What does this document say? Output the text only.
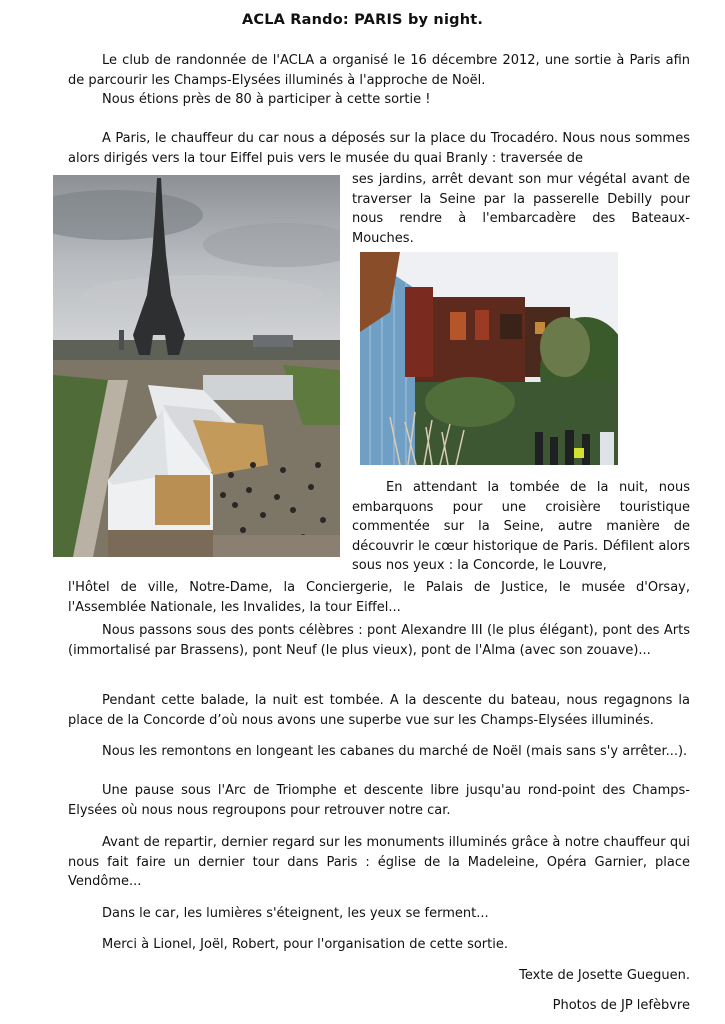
ACLA Rando: PARIS by night.

Le club de randonnée de l'ACLA a organisé le 16 décembre 2012, une sortie à Paris afin de parcourir les Champs-Elysées illuminés à l'approche de Noël.

Nous étions près de 80 à participer à cette sortie !

A Paris, le chauffeur du car nous a déposés sur la place du Trocadéro. Nous nous sommes alors dirigés vers la tour Eiffel puis vers le musée du quai Branly : traversée de

ses jardins, arrêt devant son mur végétal avant de traverser la Seine par la passerelle Debilly pour nous rendre à l'embarcadère des Bateaux-Mouches.

En attendant la tombée de la nuit, nous embarquons pour une croisière touristique commentée sur la Seine, autre manière de découvrir le cœur historique de Paris. Défilent alors sous nos yeux : la Concorde, le Louvre,

l'Hôtel de ville, Notre-Dame, la Conciergerie, le Palais de Justice, le musée d'Orsay, l'Assemblée Nationale, les Invalides, la tour Eiffel...

Nous passons sous des ponts célèbres : pont Alexandre III (le plus élégant), pont des Arts (immortalisé par Brassens), pont Neuf (le plus vieux), pont de l'Alma (avec son zouave)...

Pendant cette balade, la nuit est tombée. A la descente du bateau, nous regagnons la place de la Concorde d’où nous avons une superbe vue sur les Champs-Elysées illuminés.

Nous les remontons en longeant les cabanes du marché de Noël (mais sans s'y arrêter...).

Une pause sous l'Arc de Triomphe et descente libre jusqu'au rond-point des Champs-Elysées où nous nous regroupons pour retrouver notre car.

Avant de repartir, dernier regard sur les monuments illuminés grâce à notre chauffeur qui nous fait faire un dernier tour dans Paris : église de la Madeleine, Opéra Garnier, place Vendôme...

Dans le car, les lumières s'éteignent, les yeux se ferment...

Merci à Lionel, Joël, Robert, pour l'organisation de cette sortie.

Texte de Josette Gueguen.

Photos de JP lefèbvre
